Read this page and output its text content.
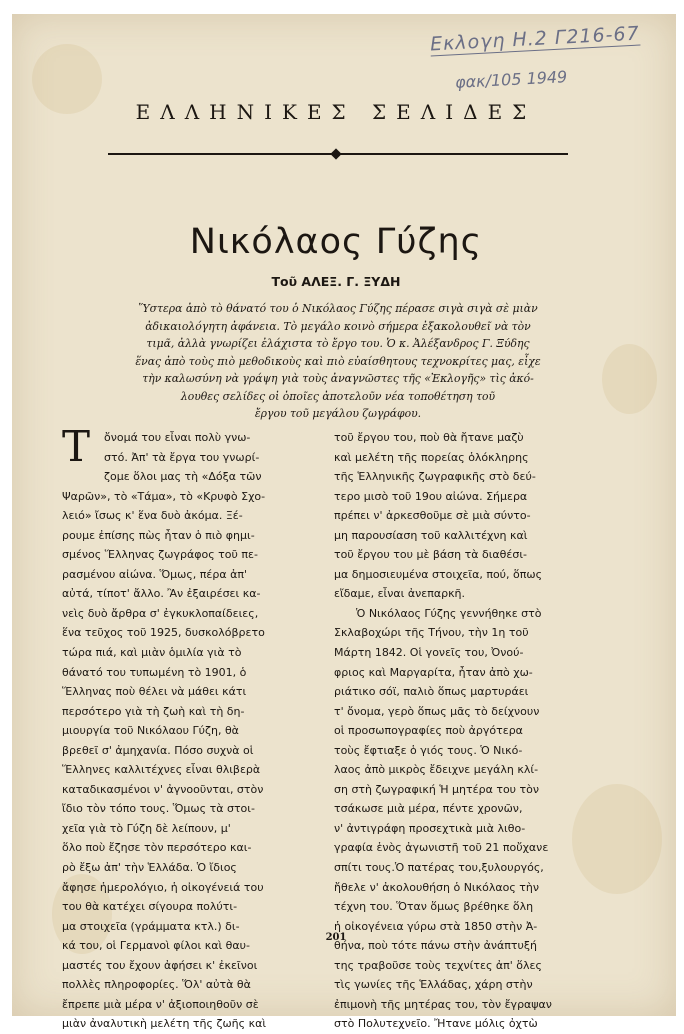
Εκλογη Η.2 Γ216-67
φακ/105 1949
ΕΛΛΗΝΙΚΕΣ ΣΕΛΙΔΕΣ
Νικόλαος Γύζης
Τοῦ ΑΛΕΞ. Γ. ΞΥΔΗ
Ὕστερα ἀπὸ τὸ θάνατό του ὁ Νικόλαος Γύζης πέρασε σιγὰ σιγὰ σὲ μιὰν
ἀδικαιολόγητη ἀφάνεια. Τὸ μεγάλο κοινὸ σήμερα ἐξακολουθεῖ νὰ τὸν
τιμᾶ, ἀλλὰ γνωρίζει ἐλάχιστα τὸ ἔργο του. Ὁ κ. Ἀλέξανδρος Γ. Ξύδης
ἕνας ἀπὸ τοὺς πιὸ μεθοδικοὺς καὶ πιὸ εὐαίσθητους τεχνοκρίτες μας, εἶχε
τὴν καλωσύνη νὰ γράψη γιὰ τοὺς ἀναγνῶστες τῆς «Ἐκλογῆς» τὶς ἀκό-
λουθες σελίδες οἱ ὁποῖες ἀποτελοῦν νέα τοποθέτηση τοῦ
ἔργου τοῦ μεγάλου ζωγράφου.
Τ	ὄνομά του εἶναι πολὺ γνω-
στό. Ἀπ' τὰ ἔργα του γνωρί-
ζομε ὅλοι μας τὴ «Δόξα τῶν
Ψαρῶν», τὸ «Τάμα», τὸ «Κρυφὸ Σχο-
λειό» ἴσως κ' ἕνα δυὸ ἀκόμα. Ξέ-
ρουμε ἐπίσης πὼς ἦταν ὁ πιὸ φημι-
σμένος Ἕλληνας ζωγράφος τοῦ πε-
ρασμένου αἰώνα. Ὅμως, πέρα ἀπ'
αὐτά, τίποτ' ἄλλο. Ἂν ἐξαιρέσει κα-
νεὶς δυὸ ἄρθρα σ' ἐγκυκλοπαίδειες,
ἕνα τεῦχος τοῦ 1925, δυσκολόβρετο
τώρα πιά, καὶ μιὰν ὁμιλία γιὰ τὸ
θάνατό του τυπωμένη τὸ 1901, ὁ
Ἕλληνας ποὺ θέλει νὰ μάθει κάτι
περσότερο γιὰ τὴ ζωὴ καὶ τὴ δη-
μιουργία τοῦ Νικόλαου Γύζη, θὰ
βρεθεῖ σ' ἀμηχανία. Πόσο συχνὰ οἱ
Ἕλληνες καλλιτέχνες εἶναι θλιβερὰ
καταδικασμένοι ν' ἀγνοοῦνται, στὸν
ἴδιο τὸν τόπο τους. Ὅμως τὰ στοι-
χεῖα γιὰ τὸ Γύζη δὲ λείπουν, μ'
ὅλο ποὺ ἔζησε τὸν περσότερο και-
ρὸ ἔξω ἀπ' τὴν Ἑλλάδα. Ὁ ἴδιος
ἄφησε ἡμερολόγιο, ἡ οἰκογένειά του
του θὰ κατέχει σίγουρα πολύτι-
μα στοιχεῖα (γράμματα κτλ.) δι-
κά του, οἱ Γερμανοὶ φίλοι καὶ θαυ-
μαστές του ἔχουν ἀφήσει κ' ἐκεῖνοι
πολλὲς πληροφορίες. Ὅλ' αὐτὰ θὰ
ἔπρεπε μιὰ μέρα ν' ἀξιοποιηθοῦν σὲ
μιὰν ἀναλυτικὴ μελέτη τῆς ζωῆς καὶ
τοῦ ἔργου του, ποὺ θὰ ἤτανε μαζὺ
καὶ μελέτη τῆς πορείας ὁλόκληρης
τῆς Ἑλληνικῆς ζωγραφικῆς στὸ δεύ-
τερο μισὸ τοῦ 19ου αἰώνα. Σήμερα
πρέπει ν' ἀρκεσθοῦμε σὲ μιὰ σύντο-
μη παρουσίαση τοῦ καλλιτέχνη καὶ
τοῦ ἔργου του μὲ βάση τὰ διαθέσι-
μα δημοσιευμένα στοιχεῖα, πού, ὅπως
εἴδαμε, εἶναι ἀνεπαρκῆ.
Ὁ Νικόλαος Γύζης γεννήθηκε στὸ
Σκλαβοχώρι τῆς Τήνου, τὴν 1η τοῦ
Μάρτη 1842. Οἱ γονεῖς του, Ὀνού-
φριος καὶ Μαργαρίτα, ἦταν ἀπὸ χω-
ριάτικο σόϊ, παλιὸ ὅπως μαρτυράει
τ' ὄνομα, γερὸ ὅπως μᾶς τὸ δείχνουν
οἱ προσωπογραφίες ποὺ ἀργότερα
τοὺς ἔφτιαξε ὁ γιός τους. Ὁ Νικό-
λαος ἀπὸ μικρὸς ἔδειχνε μεγάλη κλί-
ση στὴ ζωγραφική Ἡ μητέρα του τὸν
τσάκωσε μιὰ μέρα, πέντε χρονῶν,
ν' ἀντιγράφη προσεχτικὰ μιὰ λιθο-
γραφία ἑνὸς ἀγωνιστῆ τοῦ 21 ποὔχανε
σπίτι τους.Ὁ πατέρας του,ξυλουργός,
ἤθελε ν' ἀκολουθήση ὁ Νικόλαος τὴν
τέχνη του. Ὅταν ὅμως βρέθηκε ὅλη
ἡ οἰκογένεια γύρω στὰ 1850 στὴν Ἀ-
θήνα, ποὺ τότε πάνω στὴν ἀνάπτυξή
της τραβοῦσε τοὺς τεχνίτες ἀπ' ὅλες
τὶς γωνίες τῆς Ἑλλάδας, χάρη στὴν
ἐπιμονὴ τῆς μητέρας του, τὸν ἔγραψαν
στὸ Πολυτεχνεῖο. Ἤτανε μόλις ὀχτὼ
201
